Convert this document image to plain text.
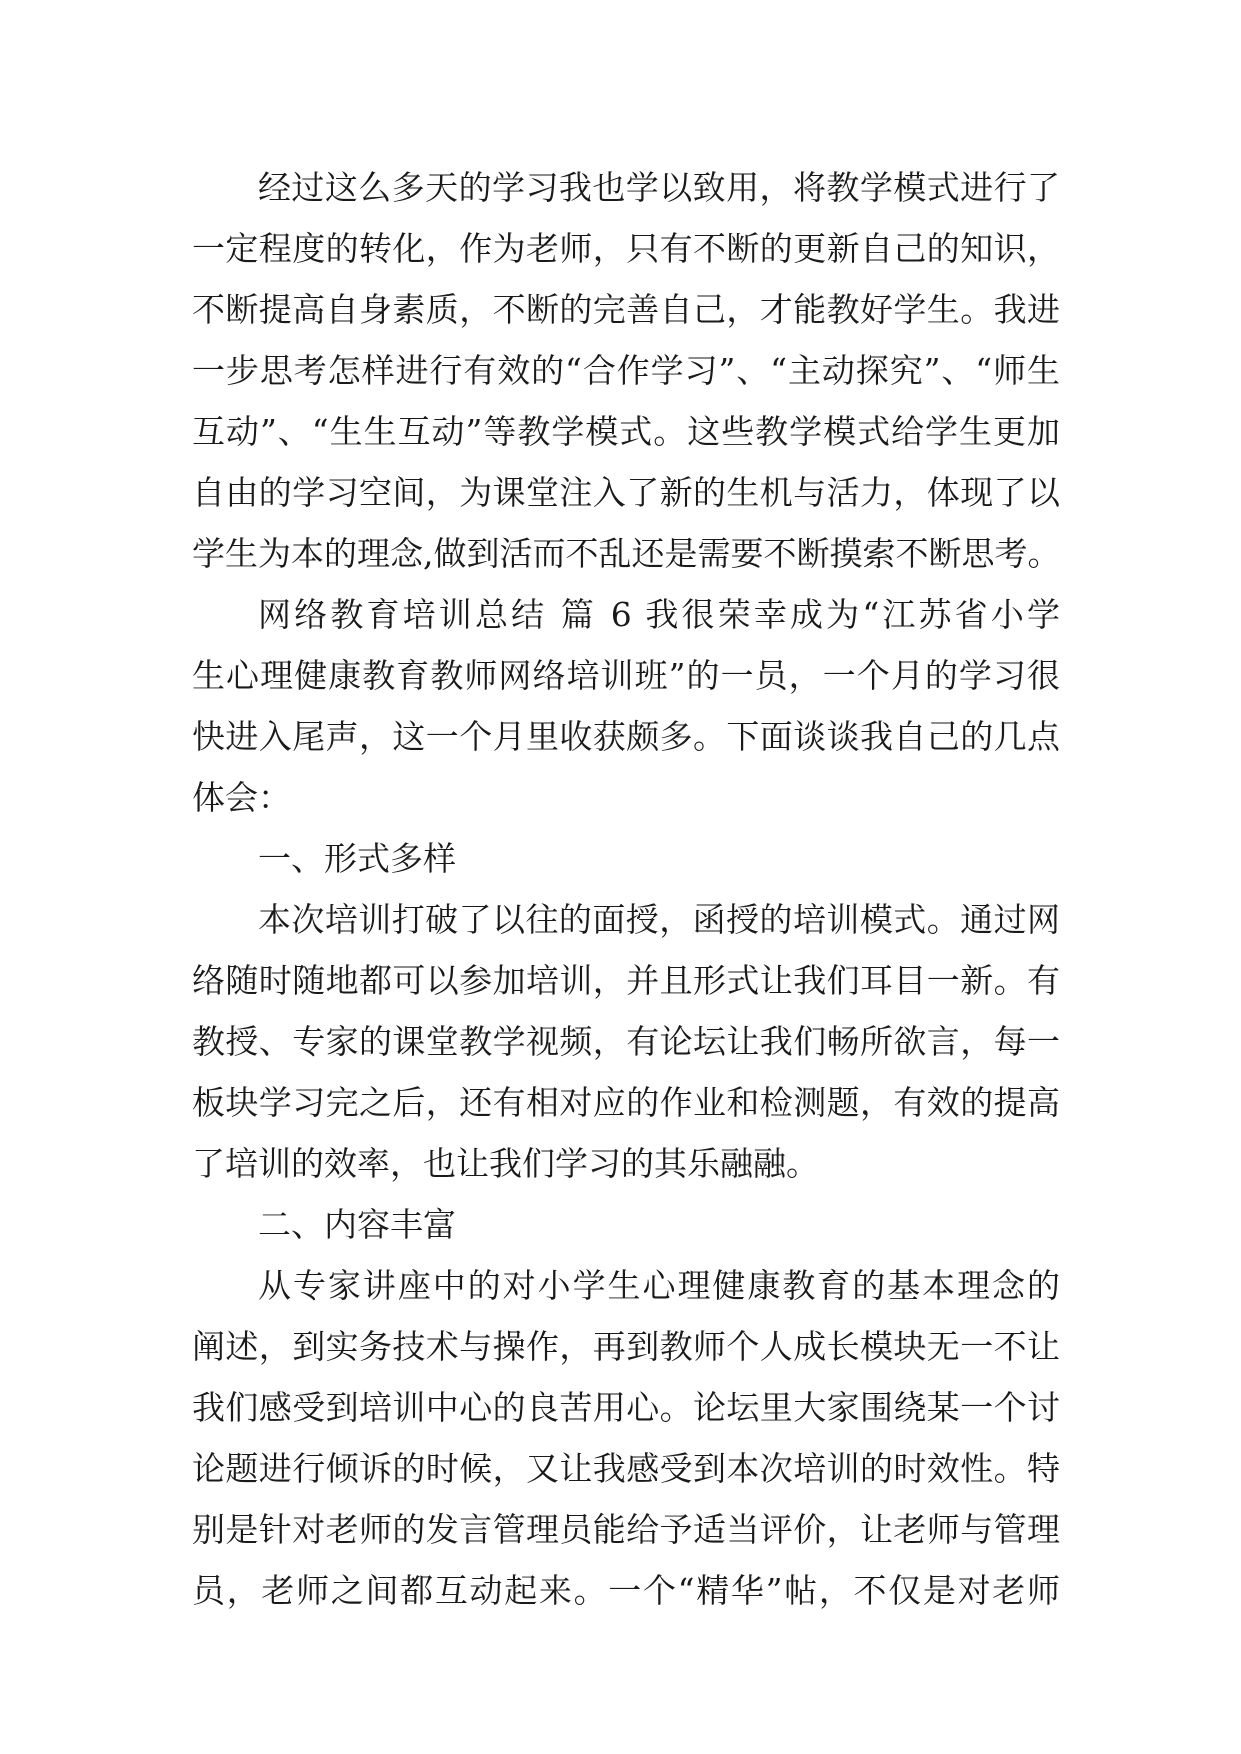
经过这么多天的学习我也学以致用，将教学模式进行了
一定程度的转化，作为老师，只有不断的更新自己的知识，
不断提高自身素质，不断的完善自己，才能教好学生。我进
一步思考怎样进行有效的“合作学习”、“主动探究”、“师生
互动”、“生生互动”等教学模式。这些教学模式给学生更加
自由的学习空间，为课堂注入了新的生机与活力，体现了以
学生为本的理念,做到活而不乱还是需要不断摸索不断思考。
网络教育培训总结 篇 6 我很荣幸成为“江苏省小学
生心理健康教育教师网络培训班”的一员，一个月的学习很
快进入尾声，这一个月里收获颇多。下面谈谈我自己的几点
体会：
一、形式多样
本次培训打破了以往的面授，函授的培训模式。通过网
络随时随地都可以参加培训，并且形式让我们耳目一新。有
教授、专家的课堂教学视频，有论坛让我们畅所欲言，每一
板块学习完之后，还有相对应的作业和检测题，有效的提高
了培训的效率，也让我们学习的其乐融融。
二、内容丰富
从专家讲座中的对小学生心理健康教育的基本理念的
阐述，到实务技术与操作，再到教师个人成长模块无一不让
我们感受到培训中心的良苦用心。论坛里大家围绕某一个讨
论题进行倾诉的时候，又让我感受到本次培训的时效性。特
别是针对老师的发言管理员能给予适当评价，让老师与管理
员，老师之间都互动起来。一个“精华”帖，不仅是对老师
